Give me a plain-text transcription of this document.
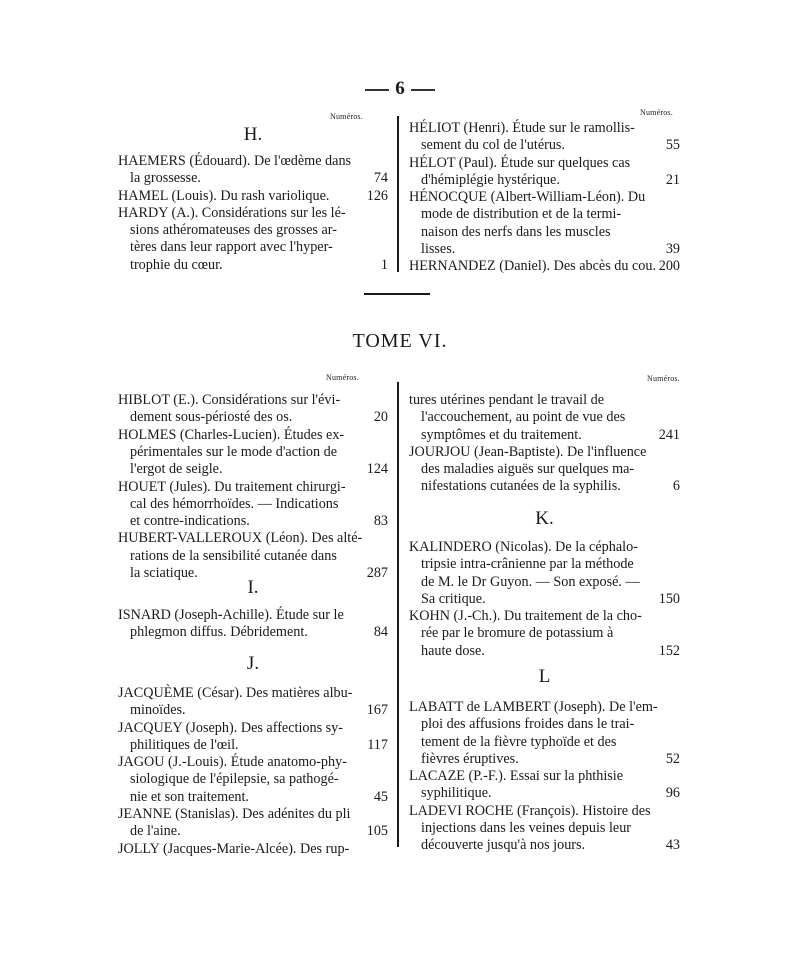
6
Numéros.	Numéros.
H.
HAEMERS (Édouard). De l'œdème dans
la grossesse.	74
HAMEL (Louis). Du rash variolique.	126
HARDY (A.). Considérations sur les lé-
sions athéromateuses des grosses ar-
tères dans leur rapport avec l'hyper-
trophie du cœur.	1
HÉLIOT (Henri). Étude sur le ramollis-
sement du col de l'utérus.	55
HÉLOT (Paul). Étude sur quelques cas
d'hémiplégie hystérique.	21
HÉNOCQUE (Albert-William-Léon). Du
mode de distribution et de la termi-
naison des nerfs dans les muscles
lisses.	39
HERNANDEZ (Daniel). Des abcès du cou. 200
TOME VI.
Numéros.	Numéros.
HIBLOT (E.). Considérations sur l'évi-
dement sous-périosté des os.	20
HOLMES (Charles-Lucien). Études ex-
périmentales sur le mode d'action de
l'ergot de seigle.	124
HOUET (Jules). Du traitement chirurgi-
cal des hémorrhoïdes. — Indications
et contre-indications.	83
HUBERT-VALLEROUX (Léon). Des alté-
rations de la sensibilité cutanée dans
la sciatique.	287
I.
ISNARD (Joseph-Achille). Étude sur le
phlegmon diffus. Débridement.	84
J.
JACQUÈME (César). Des matières albu-
minoïdes.	167
JACQUEY (Joseph). Des affections sy-
philitiques de l'œil.	117
JAGOU (J.-Louis). Étude anatomo-phy-
siologique de l'épilepsie, sa pathogé-
nie et son traitement.	45
JEANNE (Stanislas). Des adénites du pli
de l'aine.	105
JOLLY (Jacques-Marie-Alcée). Des rup-
tures utérines pendant le travail de
l'accouchement, au point de vue des
symptômes et du traitement.	241
JOURJOU (Jean-Baptiste). De l'influence
des maladies aiguës sur quelques ma-
nifestations cutanées de la syphilis.	6
K.
KALINDERO (Nicolas). De la céphalo-
tripsie intra-crânienne par la méthode
de M. le Dr Guyon. — Son exposé. —
Sa critique.	150
KOHN (J.-Ch.). Du traitement de la cho-
rée par le bromure de potassium à
haute dose.	152
L
LABATT de LAMBERT (Joseph). De l'em-
ploi des affusions froides dans le trai-
tement de la fièvre typhoïde et des
fièvres éruptives.	52
LACAZE (P.-F.). Essai sur la phthisie
syphilitique.	96
LADEVI ROCHE (François). Histoire des
injections dans les veines depuis leur
découverte jusqu'à nos jours.	43
